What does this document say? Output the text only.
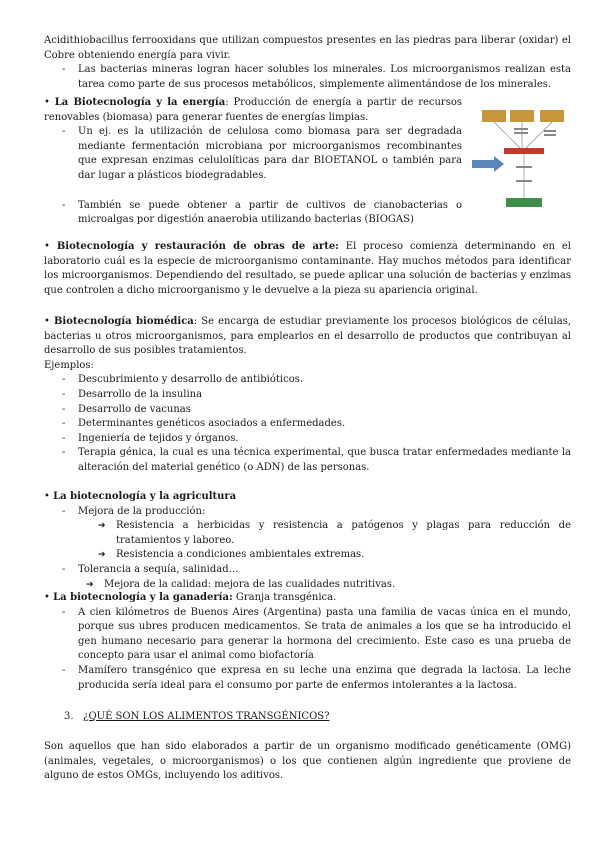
Acidithiobacillus ferrooxidans que utilizan compuestos presentes en las piedras para liberar (oxidar) el Cobre obteniendo energía para vivir.

- Las bacterias mineras logran hacer solubles los minerales. Los microorganismos realizan esta tarea como parte de sus procesos metabólicos, simplemente alimentándose de los minerales.

• La Biotecnología y la energía: Producción de energía a partir de recursos renovables (biomasa) para generar fuentes de energías limpias.

- Un ej. es la utilización de celulosa como biomasa para ser degradada mediante fermentación microbiana por microorganismos recombinantes que expresan enzimas celulolíticas para dar BIOETANOL o también para dar lugar a plásticos biodegradables.

- También se puede obtener a partir de cultivos de cianobacterias o microalgas por digestión anaerobia utilizando bacterias (BIOGAS)

• Biotecnología y restauración de obras de arte: El proceso comienza determinando en el laboratorio cuál es la especie de microorganismo contaminante. Hay muchos métodos para identificar los microorganismos. Dependiendo del resultado, se puede aplicar una solución de bacterias y enzimas que controlen a dicho microorganismo y le devuelve a la pieza su apariencia original.

• Biotecnología biomédica: Se encarga de estudiar previamente los procesos biológicos de células, bacterias u otros microorganismos, para emplearlos en el desarrollo de productos que contribuyan al desarrollo de sus posibles tratamientos.

Ejemplos:

- Descubrimiento y desarrollo de antibióticos.

- Desarrollo de la insulina

- Desarrollo de vacunas

- Determinantes genéticos asociados a enfermedades.

- Ingeniería de tejidos y órganos.

- Terapia génica, la cual es una técnica experimental, que busca tratar enfermedades mediante la alteración del material genético (o ADN) de las personas.

• La biotecnología y la agricultura

- Mejora de la producción:

➔ Resistencia a herbicidas y resistencia a patógenos y plagas para reducción de tratamientos y laboreo.

➔ Resistencia a condiciones ambientales extremas.

- Tolerancia a sequía, salinidad…

➔ Mejora de la calidad: mejora de las cualidades nutritivas.

• La biotecnología y la ganadería: Granja transgénica.

- A cien kilómetros de Buenos Aires (Argentina) pasta una familia de vacas única en el mundo, porque sus ubres producen medicamentos. Se trata de animales a los que se ha introducido el gen humano necesario para generar la hormona del crecimiento. Este caso es una prueba de concepto para usar el animal como biofactoría

- Mamífero transgénico que expresa en su leche una enzima que degrada la lactosa. La leche producida sería ideal para el consumo por parte de enfermos intolerantes a la lactosa.

3. ¿QUÉ SON LOS ALIMENTOS TRANSGÉNICOS?

Son aquellos que han sido elaborados a partir de un organismo modificado genéticamente (OMG) (animales, vegetales, o microorganismos) o los que contienen algún ingrediente que proviene de alguno de estos OMGs, incluyendo los aditivos.
